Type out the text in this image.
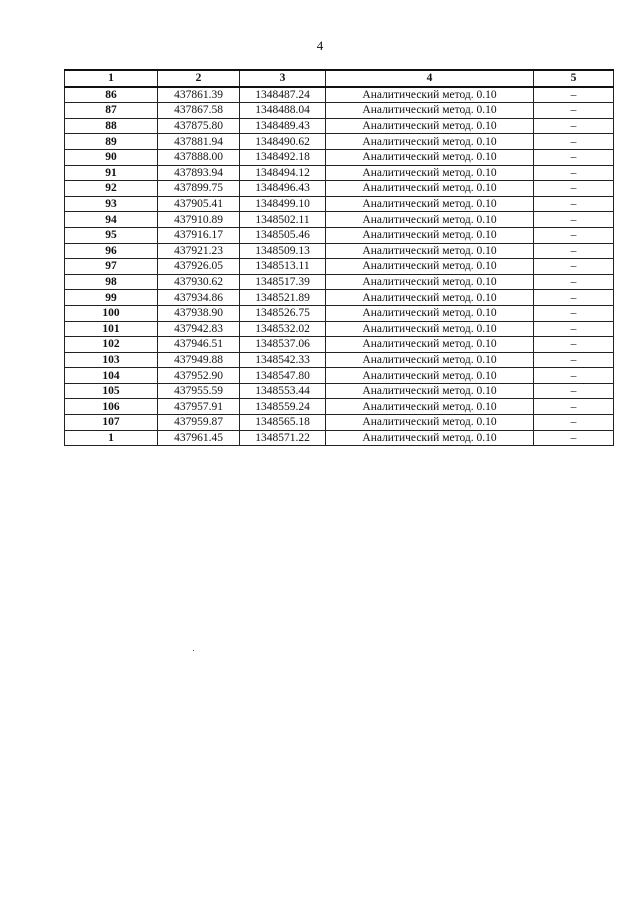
4
1	2	3	4	5
86	437861.39	1348487.24	Аналитический метод. 0.10	–
87	437867.58	1348488.04	Аналитический метод. 0.10	–
88	437875.80	1348489.43	Аналитический метод. 0.10	–
89	437881.94	1348490.62	Аналитический метод. 0.10	–
90	437888.00	1348492.18	Аналитический метод. 0.10	–
91	437893.94	1348494.12	Аналитический метод. 0.10	–
92	437899.75	1348496.43	Аналитический метод. 0.10	–
93	437905.41	1348499.10	Аналитический метод. 0.10	–
94	437910.89	1348502.11	Аналитический метод. 0.10	–
95	437916.17	1348505.46	Аналитический метод. 0.10	–
96	437921.23	1348509.13	Аналитический метод. 0.10	–
97	437926.05	1348513.11	Аналитический метод. 0.10	–
98	437930.62	1348517.39	Аналитический метод. 0.10	–
99	437934.86	1348521.89	Аналитический метод. 0.10	–
100	437938.90	1348526.75	Аналитический метод. 0.10	–
101	437942.83	1348532.02	Аналитический метод. 0.10	–
102	437946.51	1348537.06	Аналитический метод. 0.10	–
103	437949.88	1348542.33	Аналитический метод. 0.10	–
104	437952.90	1348547.80	Аналитический метод. 0.10	–
105	437955.59	1348553.44	Аналитический метод. 0.10	–
106	437957.91	1348559.24	Аналитический метод. 0.10	–
107	437959.87	1348565.18	Аналитический метод. 0.10	–
1	437961.45	1348571.22	Аналитический метод. 0.10	–
